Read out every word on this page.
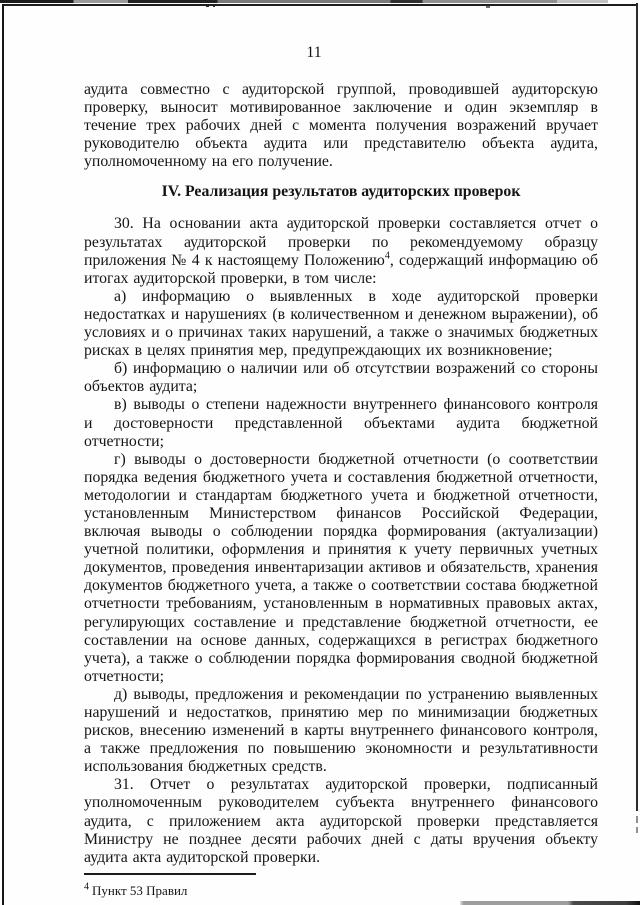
11

аудита совместно с аудиторской группой, проводившей аудиторскую проверку, выносит мотивированное заключение и один экземпляр в течение трех рабочих дней с момента получения возражений вручает руководителю объекта аудита или представителю объекта аудита, уполномоченному на его получение.

IV. Реализация результатов аудиторских проверок

30. На основании акта аудиторской проверки составляется отчет о результатах аудиторской проверки по рекомендуемому образцу приложения № 4 к настоящему Положению$^4$, содержащий информацию об итогах аудиторской проверки, в том числе:

а) информацию о выявленных в ходе аудиторской проверки недостатках и нарушениях (в количественном и денежном выражении), об условиях и о причинах таких нарушений, а также о значимых бюджетных рисках в целях принятия мер, предупреждающих их возникновение;

б) информацию о наличии или об отсутствии возражений со стороны объектов аудита;

в) выводы о степени надежности внутреннего финансового контроля и достоверности представленной объектами аудита бюджетной отчетности;

г) выводы о достоверности бюджетной отчетности (о соответствии порядка ведения бюджетного учета и составления бюджетной отчетности, методологии и стандартам бюджетного учета и бюджетной отчетности, установленным Министерством финансов Российской Федерации, включая выводы о соблюдении порядка формирования (актуализации) учетной политики, оформления и принятия к учету первичных учетных документов, проведения инвентаризации активов и обязательств, хранения документов бюджетного учета, а также о соответствии состава бюджетной отчетности требованиям, установленным в нормативных правовых актах, регулирующих составление и представление бюджетной отчетности, ее составлении на основе данных, содержащихся в регистрах бюджетного учета), а также о соблюдении порядка формирования сводной бюджетной отчетности;

д) выводы, предложения и рекомендации по устранению выявленных нарушений и недостатков, принятию мер по минимизации бюджетных рисков, внесению изменений в карты внутреннего финансового контроля, а также предложения по повышению экономности и результативности использования бюджетных средств.

31. Отчет о результатах аудиторской проверки, подписанный уполномоченным руководителем субъекта внутреннего финансового аудита, с приложением акта аудиторской проверки представляется Министру не позднее десяти рабочих дней с даты вручения объекту аудита акта аудиторской проверки.

$^4$ Пункт 53 Правил
